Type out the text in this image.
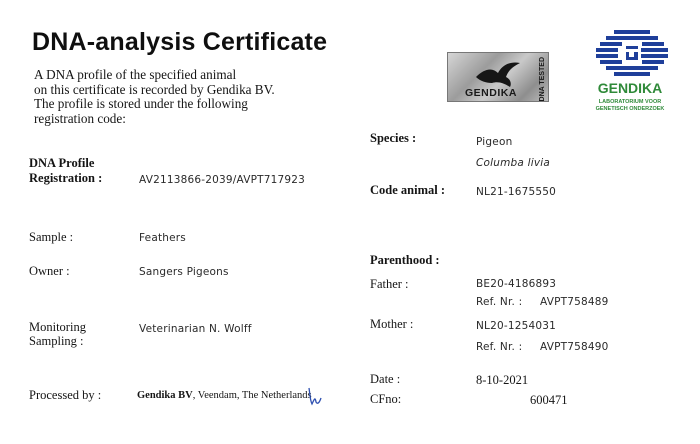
DNA-analysis Certificate
A DNA profile of the specified animal
on this certificate is recorded by Gendika BV.
The profile is stored under the following
registration code:
GENDIKA	DNA TESTED	GENDIKA
LABORATORIUM VOOR
GENETISCH ONDERZOEK
DNA Profile
Registration :	AV2113866-2039/AVPT717923
Sample :	Feathers
Owner :	Sangers Pigeons
Monitoring
Sampling :
Veterinarian N. Wolff
Processed by :	Gendika BV, Veendam, The Netherlands
Species :	Pigeon
Columba livia
Code animal :	NL21-1675550
Parenthood :
Father :	BE20-4186893
Ref. Nr. : AVPT758489
Mother :	NL20-1254031
Ref. Nr. : AVPT758490
Date :	8-10-2021
CFno:	600471
